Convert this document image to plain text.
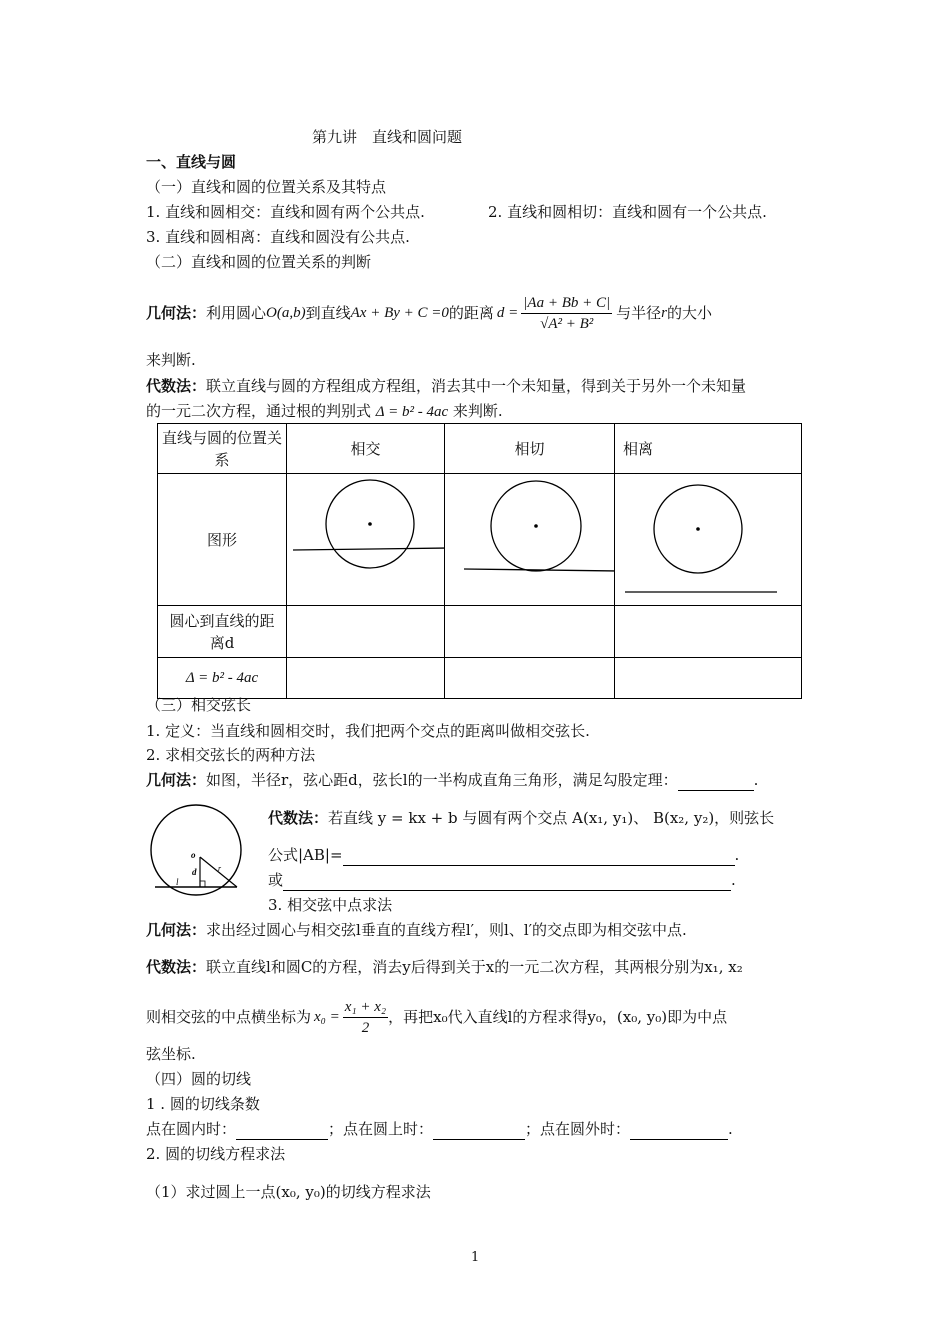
第九讲　直线和圆问题
一、直线与圆
（一）直线和圆的位置关系及其特点
1. 直线和圆相交：直线和圆有两个公共点.	2. 直线和圆相切：直线和圆有一个公共点.
3. 直线和圆相离：直线和圆没有公共点.
（二）直线和圆的位置关系的判断
几何法： 利用圆心 O(a,b) 到直线 Ax + By + C =0 的距离 $d = \frac{|Aa + Bb + C|}{\text{√A² + B²}}$ 与半径 r 的大小
来判断.
代数法：联立直线与圆的方程组成方程组，消去其中一个未知量，得到关于另外一个未知量
的一元二次方程，通过根的判别式 Δ = b² - 4ac 来判断.
直线与圆的位置关系	相交	相切	相离
图形			
圆心到直线的距离d			
Δ = b² - 4ac			
（三）相交弦长
1. 定义：当直线和圆相交时，我们把两个交点的距离叫做相交弦长.
2. 求相交弦长的两种方法
几何法：如图，半径r，弦心距d，弦长l的一半构成直角三角形，满足勾股定理：	.
o
d	r
l
代数法：若直线 y = kx + b 与圆有两个交点 A(x₁, y₁)、 B(x₂, y₂)，则弦长
公式|AB|=	.
或	.
3. 相交弦中点求法
几何法：求出经过圆心与相交弦l垂直的直线方程l′，则l、l′的交点即为相交弦中点.
代数法：联立直线l和圆C的方程，消去y后得到关于x的一元二次方程，其两根分别为x₁, x₂
则相交弦的中点横坐标为 $x_0 = \frac{\text{x₁ + x₂}}{2}$ ，再把x₀代入直线l的方程求得y₀，(x₀, y₀)即为中点
弦坐标.
（四）圆的切线
1 . 圆的切线条数
点在圆内时：	；点在圆上时：	；点在圆外时：	.
2. 圆的切线方程求法
（1）求过圆上一点(x₀, y₀)的切线方程求法
1
